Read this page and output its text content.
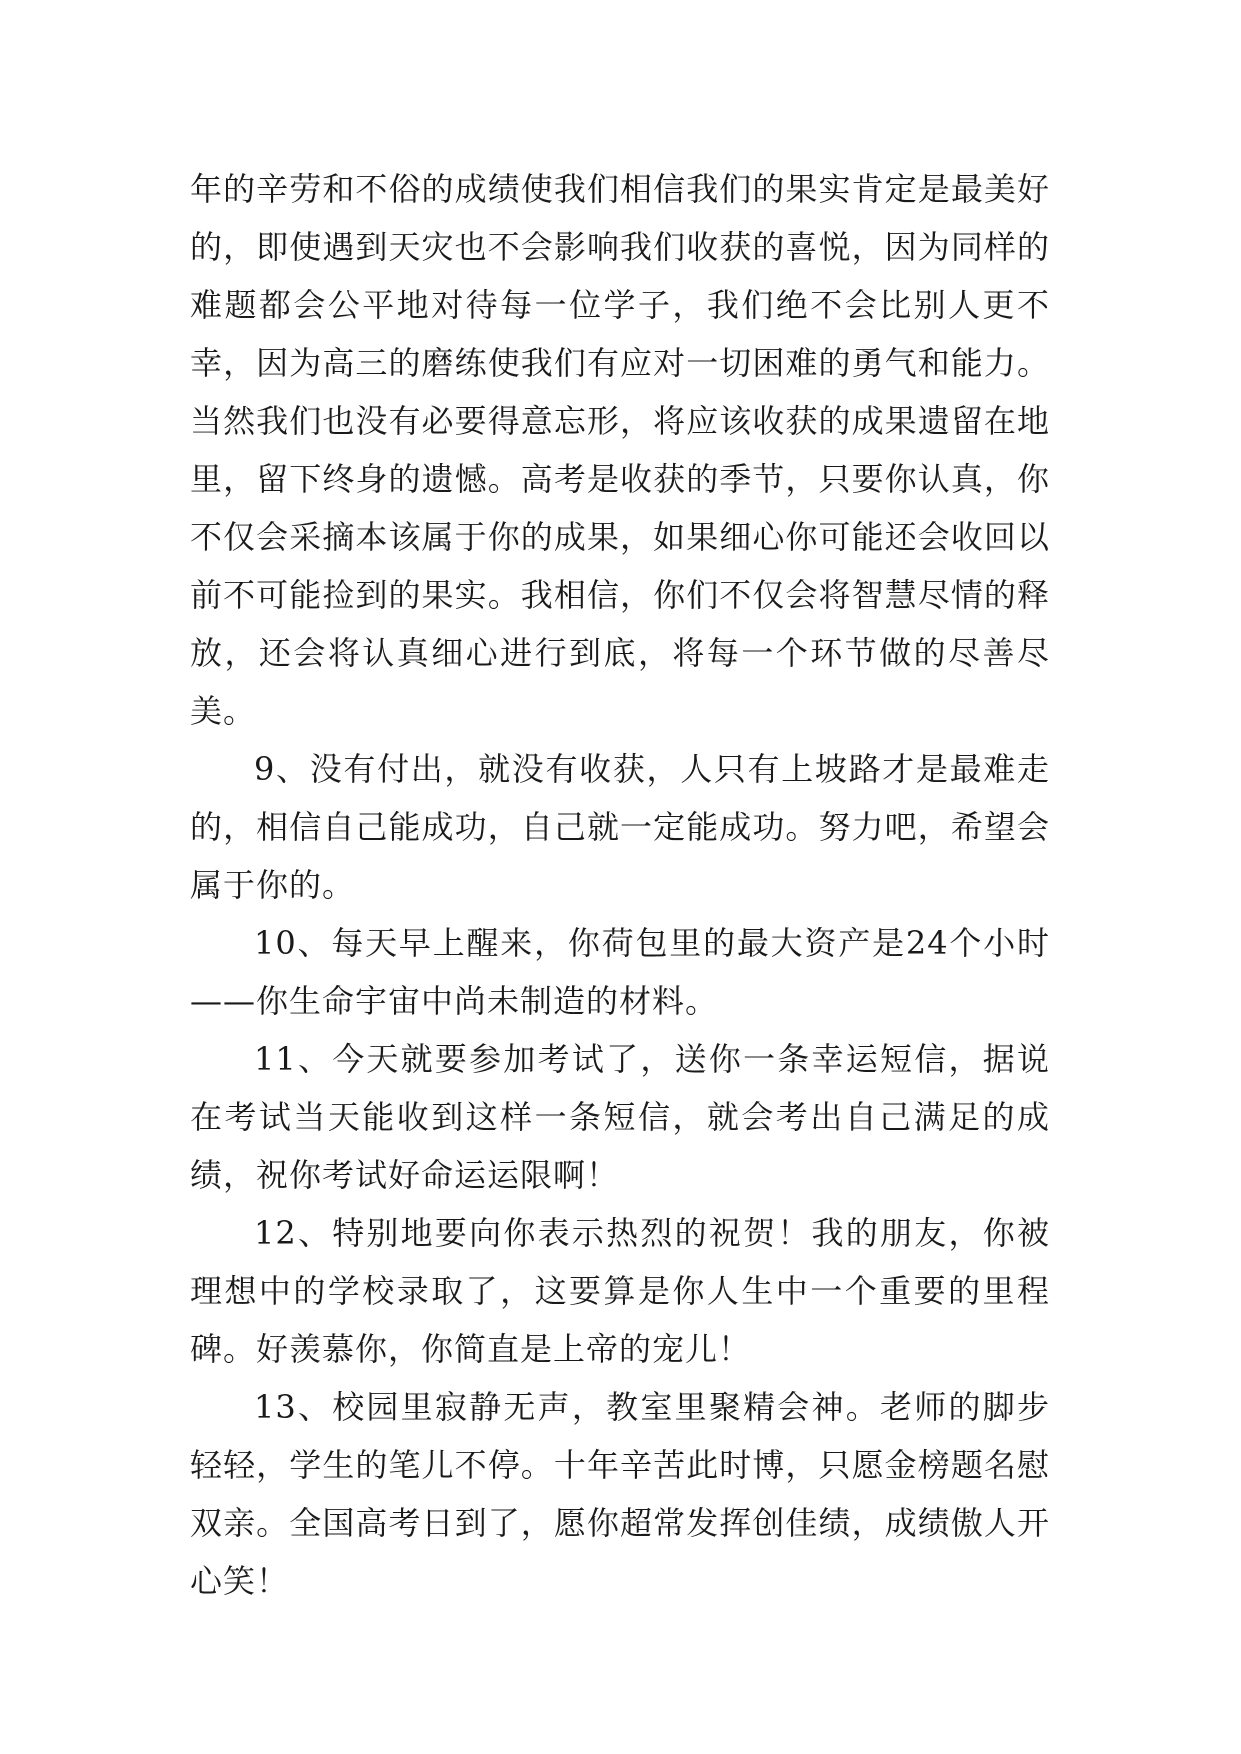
年的辛劳和不俗的成绩使我们相信我们的果实肯定是最美好的，即使遇到天灾也不会影响我们收获的喜悦，因为同样的难题都会公平地对待每一位学子，我们绝不会比别人更不幸，因为高三的磨练使我们有应对一切困难的勇气和能力。当然我们也没有必要得意忘形，将应该收获的成果遗留在地里，留下终身的遗憾。高考是收获的季节，只要你认真，你不仅会采摘本该属于你的成果，如果细心你可能还会收回以前不可能捡到的果实。我相信，你们不仅会将智慧尽情的释放，还会将认真细心进行到底，将每一个环节做的尽善尽美。

9、没有付出，就没有收获，人只有上坡路才是最难走的，相信自己能成功，自己就一定能成功。努力吧，希望会属于你的。

10、每天早上醒来，你荷包里的最大资产是24个小时——你生命宇宙中尚未制造的材料。

11、今天就要参加考试了，送你一条幸运短信，据说在考试当天能收到这样一条短信，就会考出自己满足的成绩，祝你考试好命运运限啊！

12、特别地要向你表示热烈的祝贺！我的朋友，你被理想中的学校录取了，这要算是你人生中一个重要的里程碑。好羡慕你，你简直是上帝的宠儿！

13、校园里寂静无声，教室里聚精会神。老师的脚步轻轻，学生的笔儿不停。十年辛苦此时博，只愿金榜题名慰双亲。全国高考日到了，愿你超常发挥创佳绩，成绩傲人开心笑！
